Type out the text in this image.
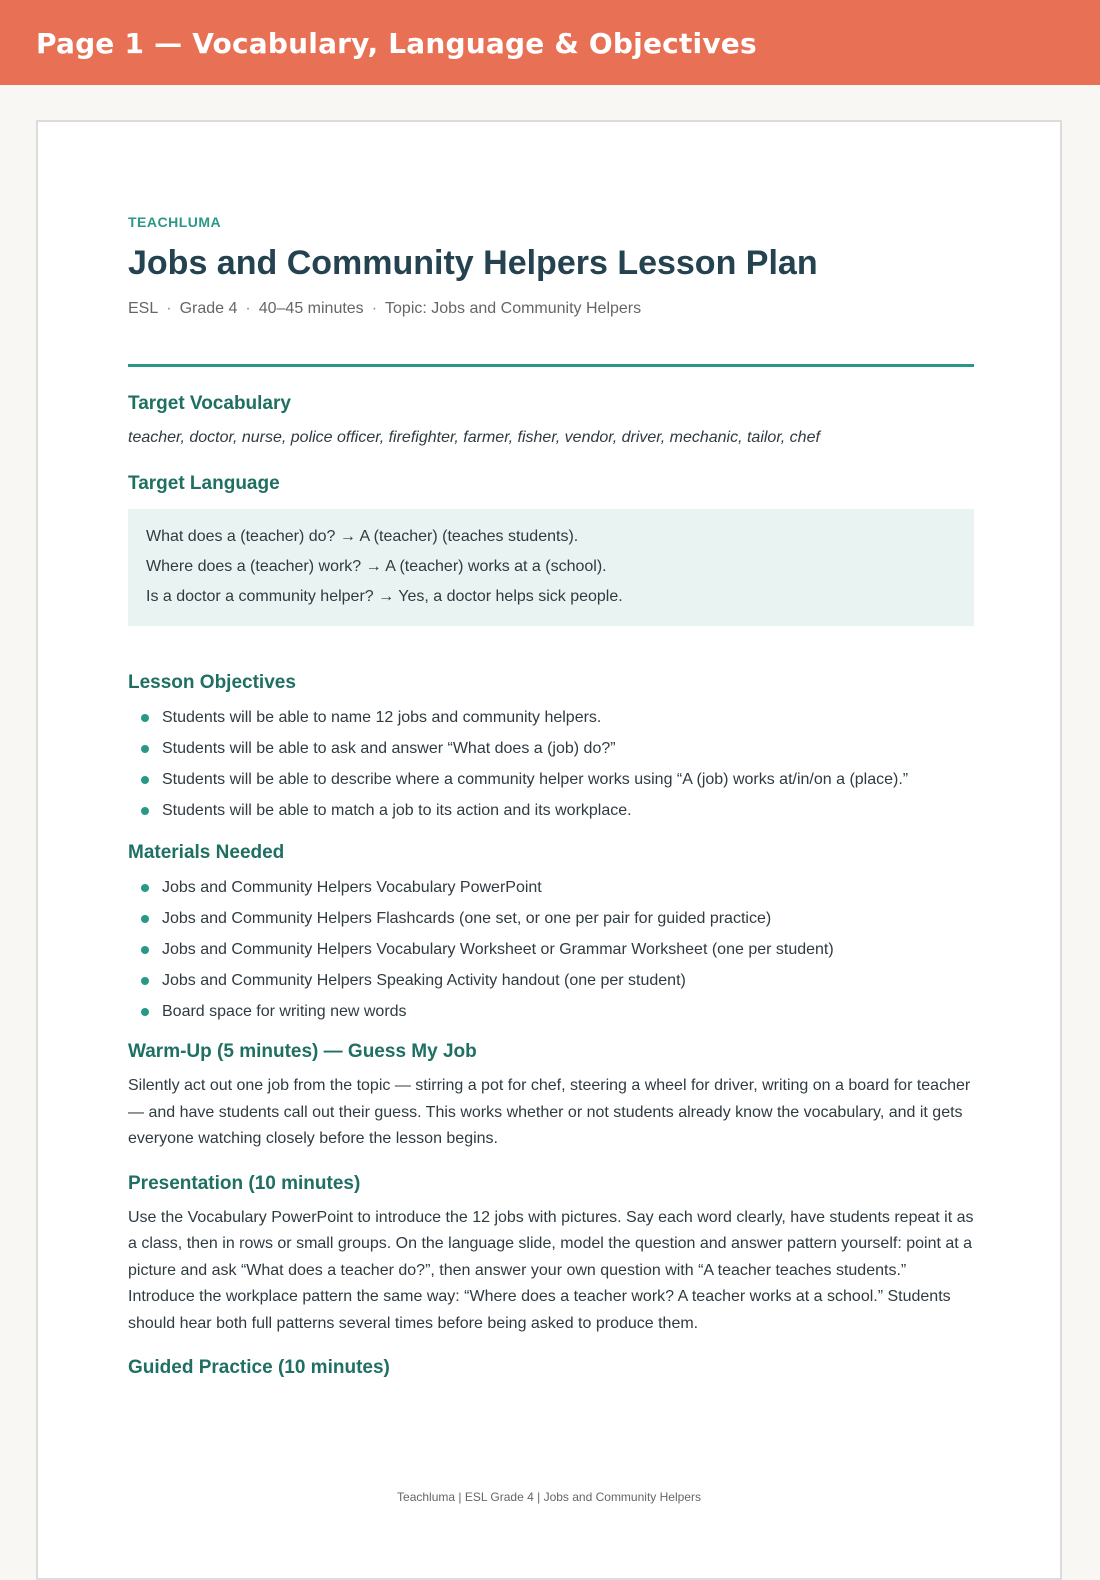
Page 1 — Vocabulary, Language & Objectives
TEACHLUMA
Jobs and Community Helpers Lesson Plan
ESL · Grade 4 · 40–45 minutes · Topic: Jobs and Community Helpers
Target Vocabulary
teacher, doctor, nurse, police officer, firefighter, farmer, fisher, vendor, driver, mechanic, tailor, chef
Target Language
What does a (teacher) do? → A (teacher) (teaches students).
Where does a (teacher) work? → A (teacher) works at a (school).
Is a doctor a community helper? → Yes, a doctor helps sick people.
Lesson Objectives
Students will be able to name 12 jobs and community helpers.
Students will be able to ask and answer “What does a (job) do?”
Students will be able to describe where a community helper works using “A (job) works at/in/on a (place).”
Students will be able to match a job to its action and its workplace.
Materials Needed
Jobs and Community Helpers Vocabulary PowerPoint
Jobs and Community Helpers Flashcards (one set, or one per pair for guided practice)
Jobs and Community Helpers Vocabulary Worksheet or Grammar Worksheet (one per student)
Jobs and Community Helpers Speaking Activity handout (one per student)
Board space for writing new words
Warm-Up (5 minutes) — Guess My Job

Silently act out one job from the topic — stirring a pot for chef, steering a wheel for driver, writing on a board for teacher — and have students call out their guess. This works whether or not students already know the vocabulary, and it gets everyone watching closely before the lesson begins.

Presentation (10 minutes)

Use the Vocabulary PowerPoint to introduce the 12 jobs with pictures. Say each word clearly, have students repeat it as a class, then in rows or small groups. On the language slide, model the question and answer pattern yourself: point at a picture and ask “What does a teacher do?”, then answer your own question with “A teacher teaches students.” Introduce the workplace pattern the same way: “Where does a teacher work? A teacher works at a school.” Students should hear both full patterns several times before being asked to produce them.

Guided Practice (10 minutes)
Teachluma | ESL Grade 4 | Jobs and Community Helpers
